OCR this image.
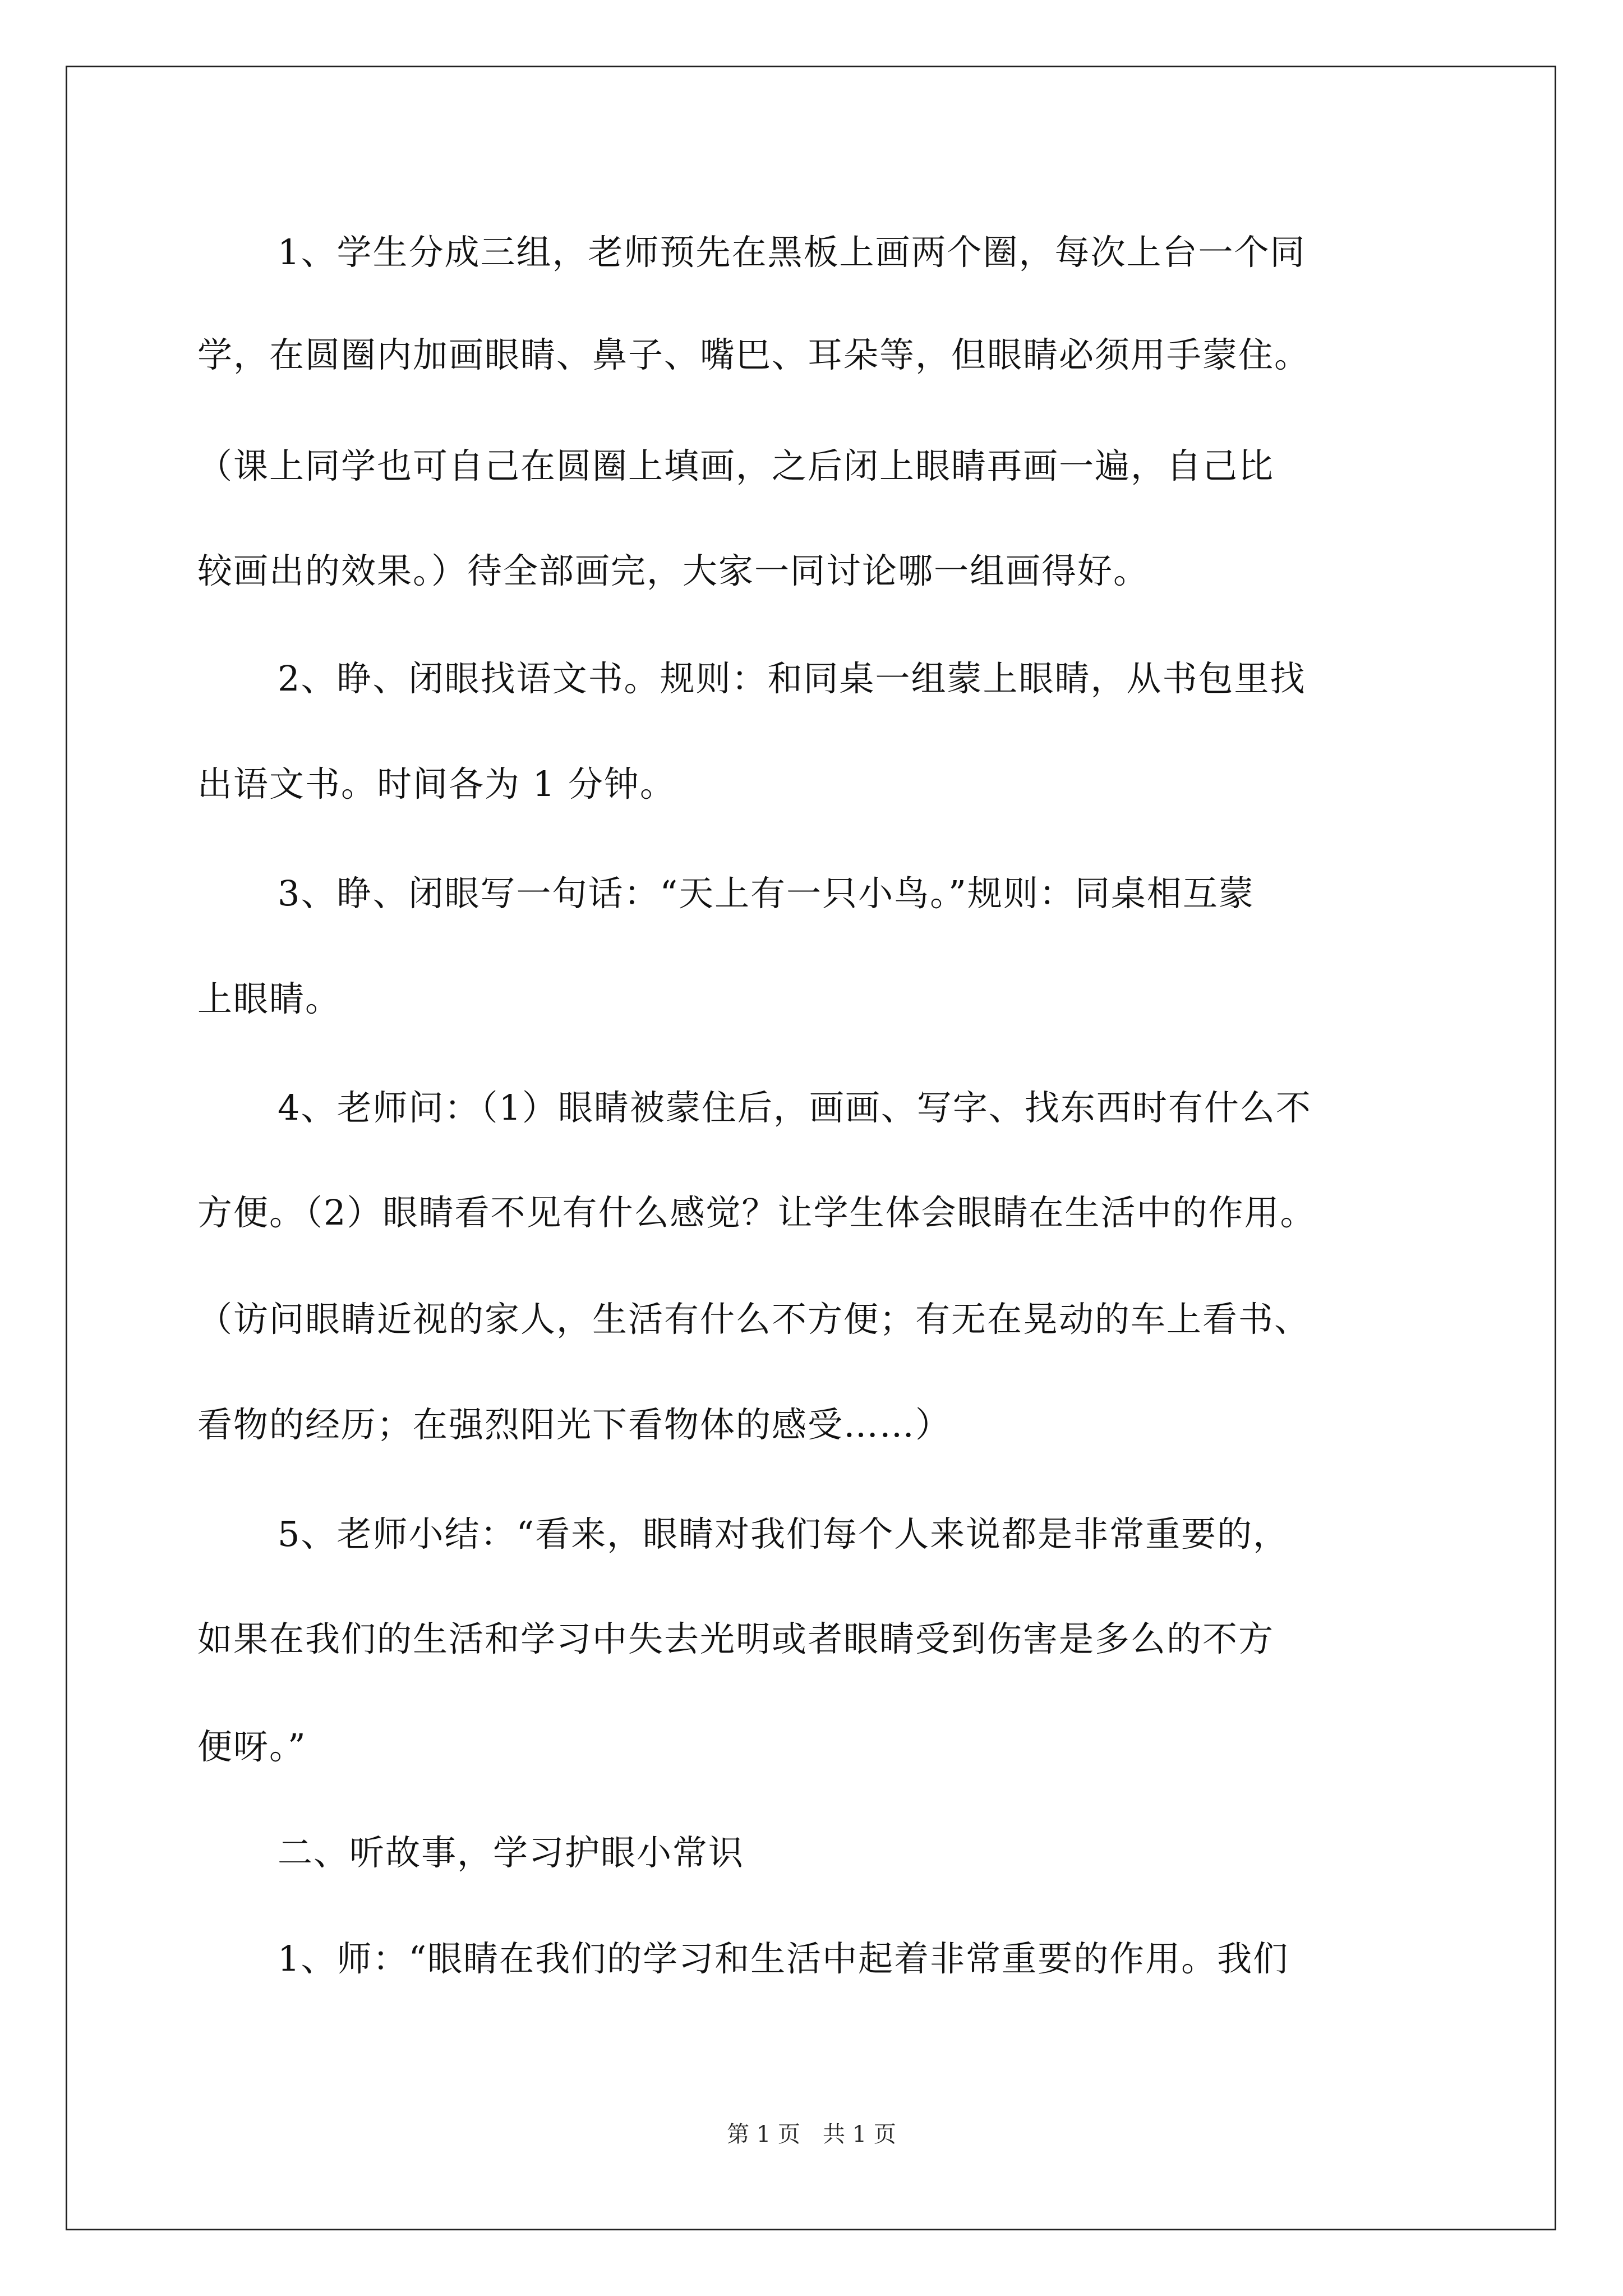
1、学生分成三组，老师预先在黑板上画两个圈，每次上台一个同
学，在圆圈内加画眼睛、鼻子、嘴巴、耳朵等，但眼睛必须用手蒙住。
（课上同学也可自己在圆圈上填画，之后闭上眼睛再画一遍，自己比
较画出的效果。）待全部画完，大家一同讨论哪一组画得好。
2、睁、闭眼找语文书。规则：和同桌一组蒙上眼睛，从书包里找
出语文书。时间各为 1 分钟。
3、睁、闭眼写一句话：“天上有一只小鸟。”规则：同桌相互蒙
上眼睛。
4、老师问：（1）眼睛被蒙住后，画画、写字、找东西时有什么不
方便。（2）眼睛看不见有什么感觉？让学生体会眼睛在生活中的作用。
（访问眼睛近视的家人，生活有什么不方便；有无在晃动的车上看书、
看物的经历；在强烈阳光下看物体的感受……）
5、老师小结：“看来，眼睛对我们每个人来说都是非常重要的，
如果在我们的生活和学习中失去光明或者眼睛受到伤害是多么的不方
便呀。”
二、听故事，学习护眼小常识
1、师：“眼睛在我们的学习和生活中起着非常重要的作用。我们
第 1 页　共 1 页
